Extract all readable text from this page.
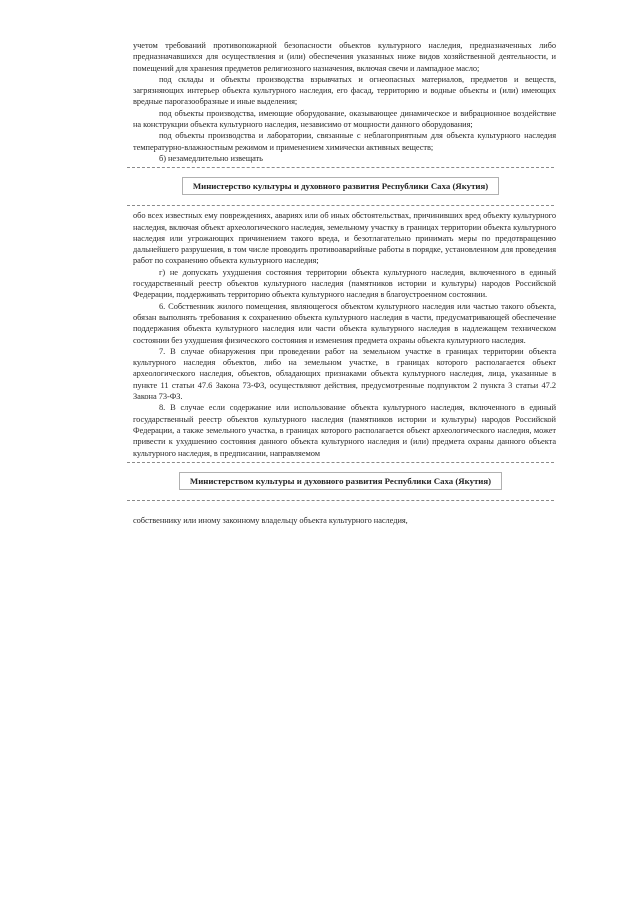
учетом требований противопожарной безопасности объектов культурного наследия, предназначенных либо предназначавшихся для осуществления и (или) обеспечения указанных ниже видов хозяйственной деятельности, и помещений для хранения предметов религиозного назначения, включая свечи и лампадное масло;

под склады и объекты производства взрывчатых и огнеопасных материалов, предметов и веществ, загрязняющих интерьер объекта культурного наследия, его фасад, территорию и водные объекты и (или) имеющих вредные парогазообразные и иные выделения;

под объекты производства, имеющие оборудование, оказывающее динамическое и вибрационное воздействие на конструкции объекта культурного наследия, независимо от мощности данного оборудования;

под объекты производства и лаборатории, связанные с неблагоприятным для объекта культурного наследия температурно-влажностным режимом и применением химически активных веществ;

б) незамедлительно извещать

Министерство культуры и духовного развития Республики Саха (Якутия)

обо всех известных ему повреждениях, авариях или об иных обстоятельствах, причинивших вред объекту культурного наследия, включая объект археологического наследия, земельному участку в границах территории объекта культурного наследия или угрожающих причинением такого вреда, и безотлагательно принимать меры по предотвращению дальнейшего разрушения, в том числе проводить противоаварийные работы в порядке, установленном для проведения работ по сохранению объекта культурного наследия;

г) не допускать ухудшения состояния территории объекта культурного наследия, включенного в единый государственный реестр объектов культурного наследия (памятников истории и культуры) народов Российской Федерации, поддерживать территорию объекта культурного наследия в благоустроенном состоянии.

6. Собственник жилого помещения, являющегося объектом культурного наследия или частью такого объекта, обязан выполнять требования к сохранению объекта культурного наследия в части, предусматривающей обеспечение поддержания объекта культурного наследия или части объекта культурного наследия в надлежащем техническом состоянии без ухудшения физического состояния и изменения предмета охраны объекта культурного наследия.

7. В случае обнаружения при проведении работ на земельном участке в границах территории объекта культурного наследия объектов, либо на земельном участке, в границах которого располагается объект археологического наследия, объектов, обладающих признаками объекта культурного наследия, лица, указанные в пункте 11 статьи 47.6 Закона 73-ФЗ, осуществляют действия, предусмотренные подпунктом 2 пункта 3 статьи 47.2 Закона 73-ФЗ.

8. В случае если содержание или использование объекта культурного наследия, включенного в единый государственный реестр объектов культурного наследия (памятников истории и культуры) народов Российской Федерации, а также земельного участка, в границах которого располагается объект археологического наследия, может привести к ухудшению состояния данного объекта культурного наследия и (или) предмета охраны данного объекта культурного наследия, в предписании, направляемом

Министерством культуры и духовного развития Республики Саха (Якутия)

собственнику или иному законному владельцу объекта культурного наследия,
